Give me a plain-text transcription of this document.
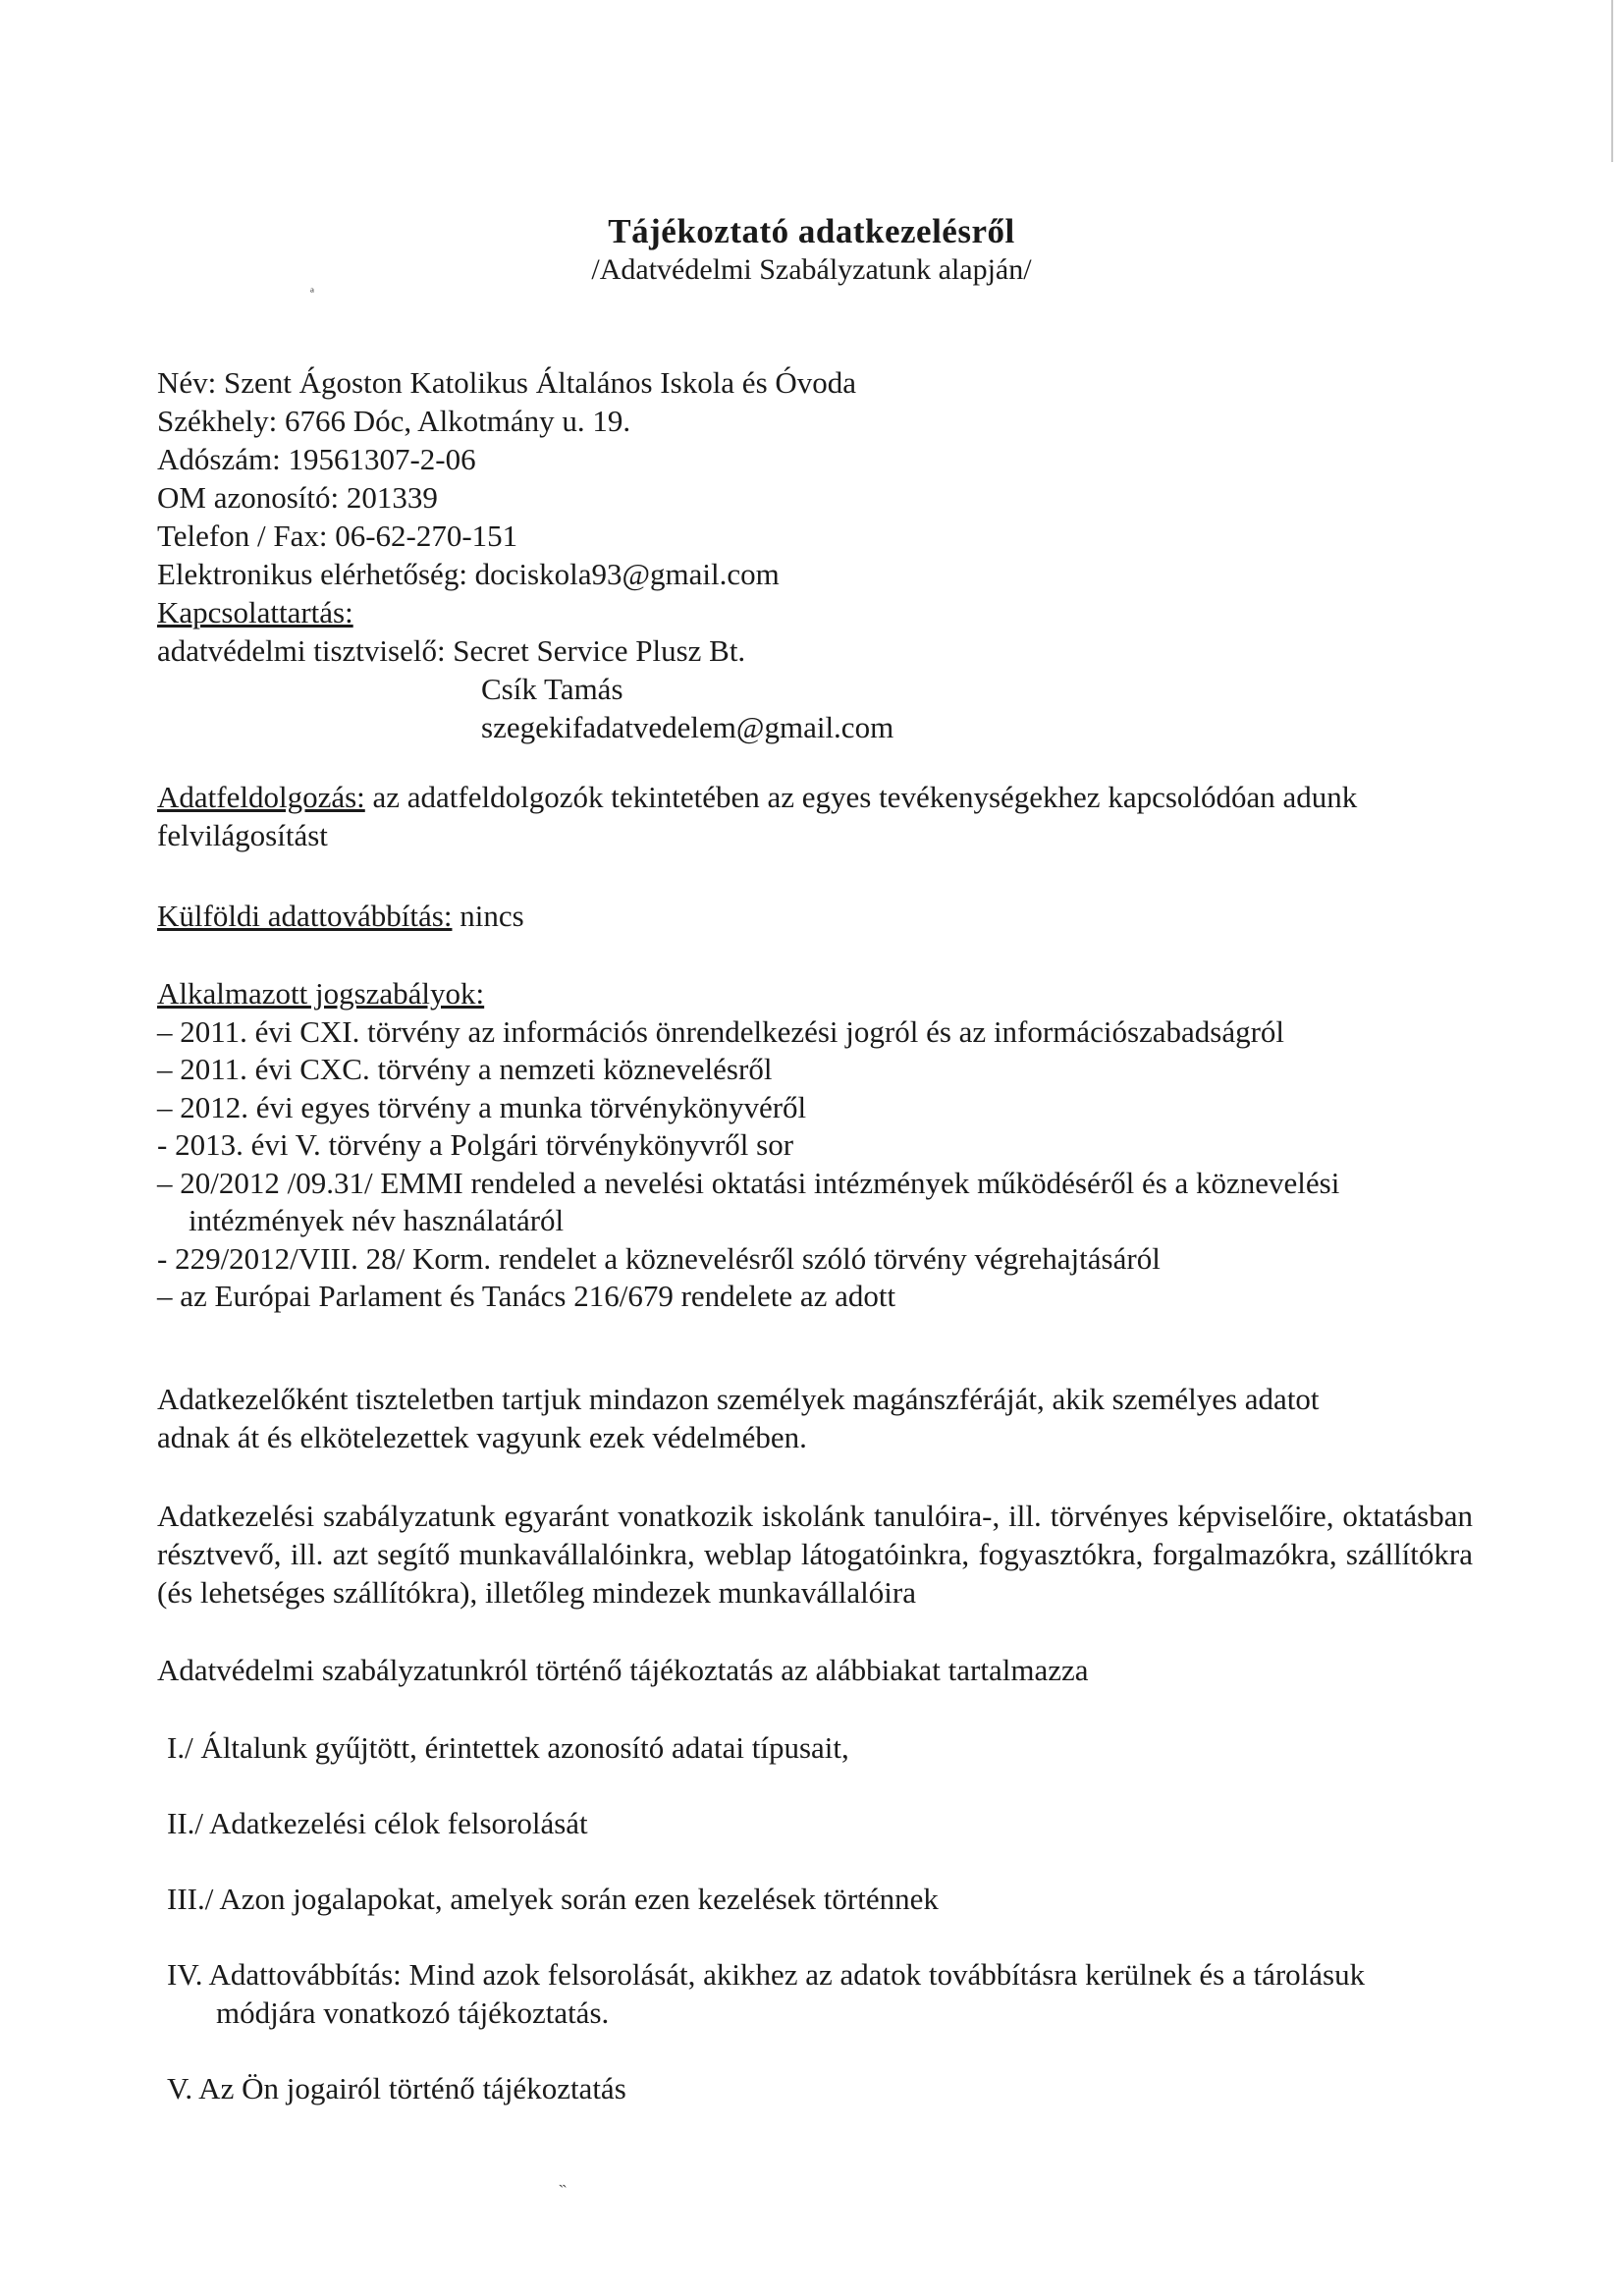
ª
Tájékoztató adatkezelésről
/Adatvédelmi Szabályzatunk alapján/

Név: Szent Ágoston Katolikus Általános Iskola és Óvoda

Székhely: 6766 Dóc, Alkotmány u. 19.

Adószám: 19561307-2-06

OM azonosító: 201339

Telefon / Fax: 06-62-270-151

Elektronikus elérhetőség: dociskola93@gmail.com

Kapcsolattartás:

adatvédelmi tisztviselő: Secret Service Plusz Bt.

Csík Tamás

szegekifadatvedelem@gmail.com

Adatfeldolgozás: az adatfeldolgozók tekintetében az egyes tevékenységekhez kapcsolódóan adunk

felvilágosítást

Külföldi adattovábbítás: nincs

Alkalmazott jogszabályok:

– 2011. évi CXI. törvény az információs önrendelkezési jogról és az információszabadságról

– 2011. évi CXC. törvény a nemzeti köznevelésről

– 2012. évi egyes törvény a munka törvénykönyvéről

- 2013. évi V. törvény a Polgári törvénykönyvről sor

– 20/2012 /09.31/ EMMI rendeled a nevelési oktatási intézmények működéséről és a köznevelési

intézmények név használatáról

- 229/2012/VIII. 28/ Korm. rendelet a köznevelésről szóló törvény végrehajtásáról

– az Európai Parlament és Tanács 216/679 rendelete az adott

Adatkezelőként tiszteletben tartjuk mindazon személyek magánszféráját, akik személyes adatot

adnak át és elkötelezettek vagyunk ezek védelmében.

Adatkezelési szabályzatunk egyaránt vonatkozik iskolánk tanulóira-, ill. törvényes képviselőire, oktatásban résztvevő, ill. azt segítő munkavállalóinkra, weblap látogatóinkra, fogyasztókra, forgalmazókra, szállítókra (és lehetséges szállítókra), illetőleg mindezek munkavállalóira

Adatvédelmi szabályzatunkról történő tájékoztatás az alábbiakat tartalmazza

I./ Általunk gyűjtött, érintettek azonosító adatai típusait,

II./ Adatkezelési célok felsorolását

III./ Azon jogalapokat, amelyek során ezen kezelések történnek

IV. Adattovábbítás: Mind azok felsorolását, akikhez az adatok továbbításra kerülnek és a tárolásuk

módjára vonatkozó tájékoztatás.

V. Az Ön jogairól történő tájékoztatás

˵
